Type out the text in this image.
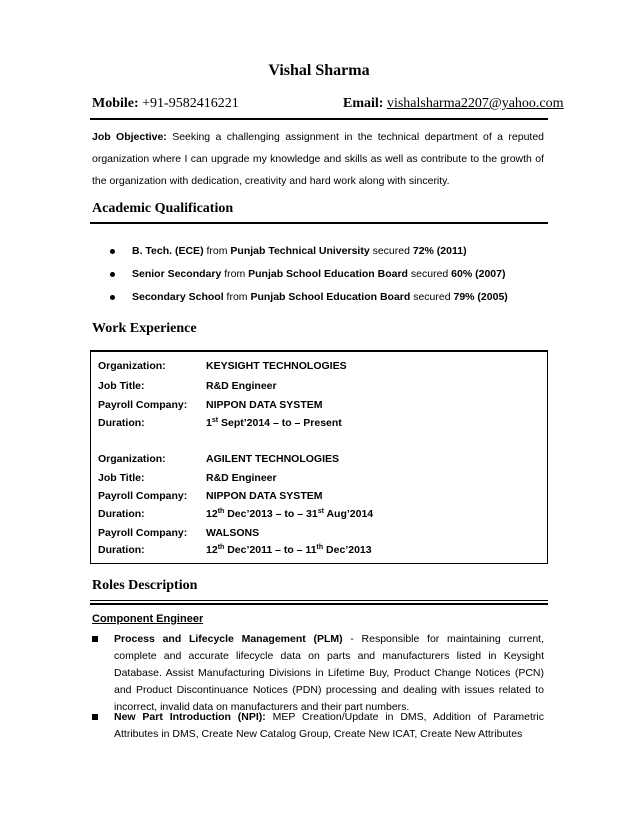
Vishal Sharma
Mobile: +91-9582416221	Email: vishalsharma2207@yahoo.com
Job Objective: Seeking a challenging assignment in the technical department of a reputed organization where I can upgrade my knowledge and skills as well as contribute to the growth of the organization with dedication, creativity and hard work along with sincerity.
Academic Qualification
B. Tech. (ECE) from Punjab Technical University secured 72% (2011)
Senior Secondary from Punjab School Education Board secured 60% (2007)
Secondary School from Punjab School Education Board secured 79% (2005)
Work Experience
Organization:	KEYSIGHT TECHNOLOGIES
Job Title:	R&D Engineer
Payroll Company: NIPPON DATA SYSTEM
Duration:	1st Sept’2014 – to – Present
Organization:	AGILENT TECHNOLOGIES
Job Title:	R&D Engineer
Payroll Company: NIPPON DATA SYSTEM
Duration:	12th Dec’2013 – to – 31st Aug’2014
Payroll Company: WALSONS
Duration:	12th Dec’2011 – to – 11th Dec’2013
Roles Description
Component Engineer
Process and Lifecycle Management (PLM) - Responsible for maintaining current, complete and accurate lifecycle data on parts and manufacturers listed in Keysight Database. Assist Manufacturing Divisions in Lifetime Buy, Product Change Notices (PCN) and Product Discontinuance Notices (PDN) processing and dealing with issues related to incorrect, invalid data on manufacturers and their part numbers.
New Part Introduction (NPI): MEP Creation/Update in DMS, Addition of Parametric Attributes in DMS, Create New Catalog Group, Create New ICAT, Create New Attributes
